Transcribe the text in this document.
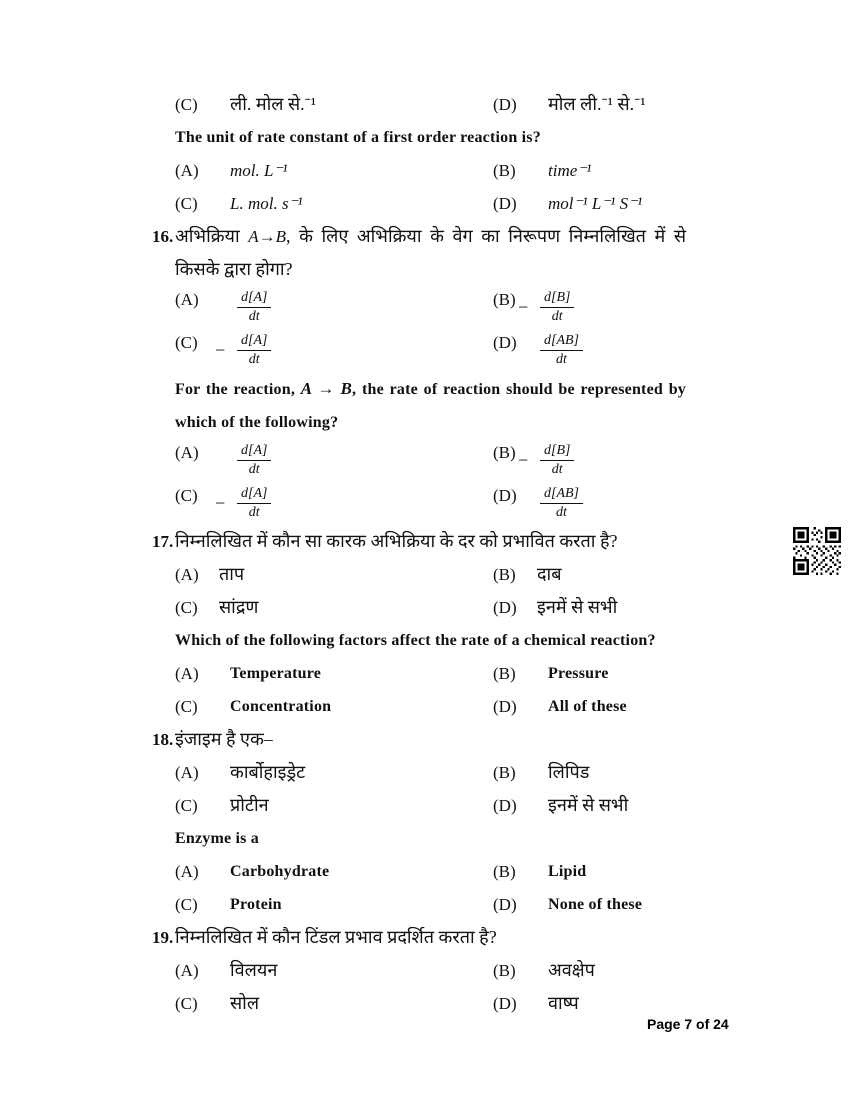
(C)	ली. मोल से.⁻¹	(D)	मोल ली.⁻¹ से.⁻¹

The unit of rate constant of a first order reaction is?

(A)	mol. L⁻¹	(B)	time⁻¹
(C)	L. mol. s⁻¹	(D)	mol⁻¹ L⁻¹ S⁻¹

16. अभिक्रिया A→B, के लिए अभिक्रिया के वेग का निरूपण निम्नलिखित में से किसके द्वारा होगा?

(A)	$\frac{d[A]}{dt}$	$(B) - \frac{d[B]}{dt}$
$(C) - \frac{d[A]}{dt}$	$(D) \frac{d[AB]}{dt}$

For the reaction, A → B, the rate of reaction should be represented by which of the following?

(A)	$\frac{d[A]}{dt}$	$(B) - \frac{d[B]}{dt}$
$(C) - \frac{d[A]}{dt}$	$(D) \frac{d[AB]}{dt}$

17. निम्नलिखित में कौन सा कारक अभिक्रिया के दर को प्रभावित करता है?

(A)	ताप	(B)	दाब
(C)	सांद्रण	(D)	इनमें से सभी

Which of the following factors affect the rate of a chemical reaction?

(A)	Temperature	(B)	Pressure
(C)	Concentration	(D)	All of these

18. इंजाइम है एक–

(A)	कार्बोहाइड्रेट	(B)	लिपिड
(C)	प्रोटीन	(D)	इनमें से सभी

Enzyme is a

(A)	Carbohydrate	(B)	Lipid
(C)	Protein	(D)	None of these

19. निम्नलिखित में कौन टिंडल प्रभाव प्रदर्शित करता है?

(A)	विलयन	(B)	अवक्षेप
(C)	सोल	(D)	वाष्प
Page 7 of 24
